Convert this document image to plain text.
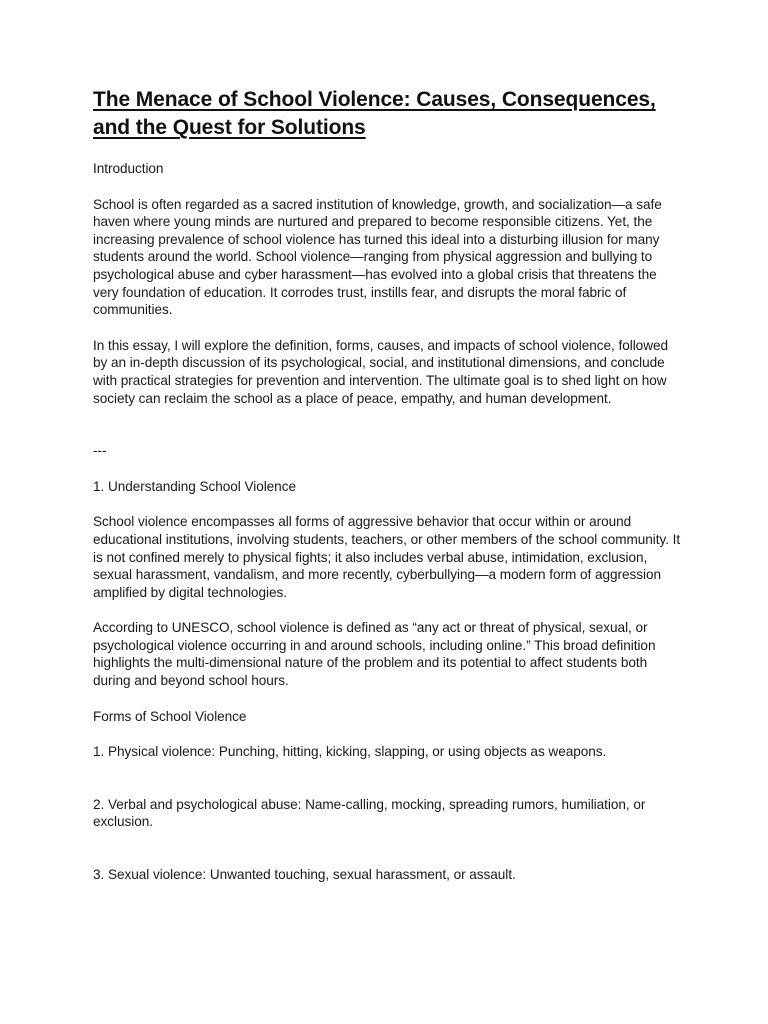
The Menace of School Violence: Causes, Consequences, and the Quest for Solutions

Introduction

School is often regarded as a sacred institution of knowledge, growth, and socialization—a safe haven where young minds are nurtured and prepared to become responsible citizens. Yet, the increasing prevalence of school violence has turned this ideal into a disturbing illusion for many students around the world. School violence—ranging from physical aggression and bullying to psychological abuse and cyber harassment—has evolved into a global crisis that threatens the very foundation of education. It corrodes trust, instills fear, and disrupts the moral fabric of communities.

In this essay, I will explore the definition, forms, causes, and impacts of school violence, followed by an in-depth discussion of its psychological, social, and institutional dimensions, and conclude with practical strategies for prevention and intervention. The ultimate goal is to shed light on how society can reclaim the school as a place of peace, empathy, and human development.

---

1. Understanding School Violence

School violence encompasses all forms of aggressive behavior that occur within or around educational institutions, involving students, teachers, or other members of the school community. It is not confined merely to physical fights; it also includes verbal abuse, intimidation, exclusion, sexual harassment, vandalism, and more recently, cyberbullying—a modern form of aggression amplified by digital technologies.

According to UNESCO, school violence is defined as “any act or threat of physical, sexual, or psychological violence occurring in and around schools, including online.” This broad definition highlights the multi-dimensional nature of the problem and its potential to affect students both during and beyond school hours.

Forms of School Violence

1. Physical violence: Punching, hitting, kicking, slapping, or using objects as weapons.

2. Verbal and psychological abuse: Name-calling, mocking, spreading rumors, humiliation, or exclusion.

3. Sexual violence: Unwanted touching, sexual harassment, or assault.
